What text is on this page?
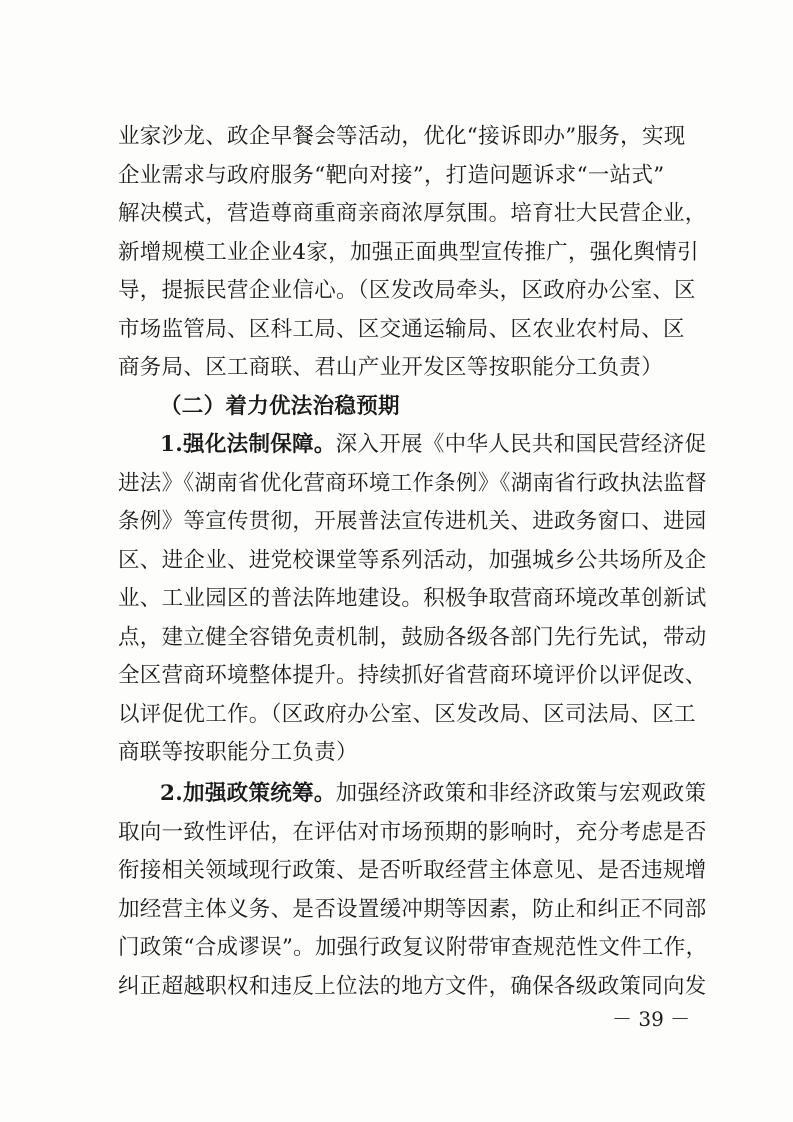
业家沙龙、政企早餐会等活动，优化“接诉即办”服务，实现
企业需求与政府服务“靶向对接”，打造问题诉求“一站式”
解决模式，营造尊商重商亲商浓厚氛围。培育壮大民营企业，
新增规模工业企业4家，加强正面典型宣传推广，强化舆情引
导，提振民营企业信心。（区发改局牵头，区政府办公室、区
市场监管局、区科工局、区交通运输局、区农业农村局、区
商务局、区工商联、君山产业开发区等按职能分工负责）
（二）着力优法治稳预期
1.强化法制保障。深入开展《中华人民共和国民营经济促
进法》《湖南省优化营商环境工作条例》《湖南省行政执法监督
条例》等宣传贯彻，开展普法宣传进机关、进政务窗口、进园
区、进企业、进党校课堂等系列活动，加强城乡公共场所及企
业、工业园区的普法阵地建设。积极争取营商环境改革创新试
点，建立健全容错免责机制，鼓励各级各部门先行先试，带动
全区营商环境整体提升。持续抓好省营商环境评价以评促改、
以评促优工作。（区政府办公室、区发改局、区司法局、区工
商联等按职能分工负责）
2.加强政策统筹。加强经济政策和非经济政策与宏观政策
取向一致性评估，在评估对市场预期的影响时，充分考虑是否
衔接相关领域现行政策、是否听取经营主体意见、是否违规增
加经营主体义务、是否设置缓冲期等因素，防止和纠正不同部
门政策“合成谬误”。加强行政复议附带审查规范性文件工作，
纠正超越职权和违反上位法的地方文件，确保各级政策同向发
－ 39 －
